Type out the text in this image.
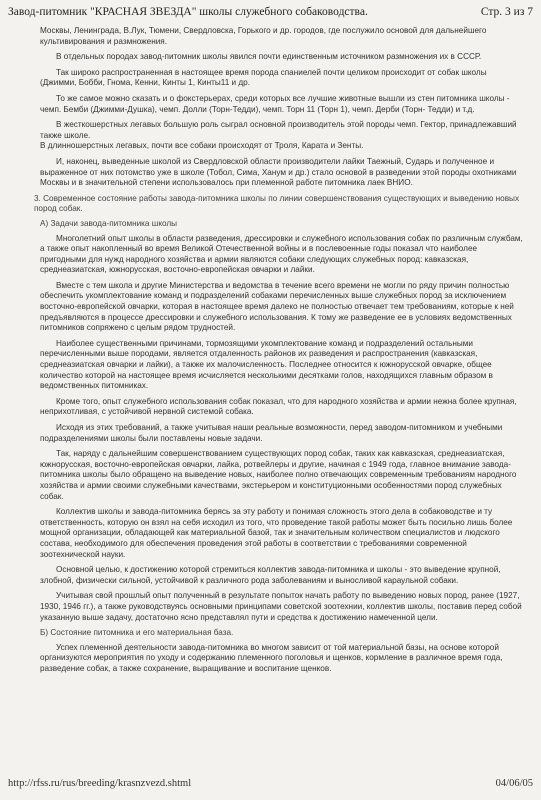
Завод-питомник "КРАСНАЯ ЗВЕЗДА" школы служебного собаководства.	Стр. 3 из 7

Москвы, Ленинграда, В.Лук, Тюмени, Свердловска, Горького и др. городов, где послужило основой для дальнейшего культивирования и размножения.

В отдельных породах завод-питомник школы явился почти единственным источником размножения их в СССР.

Так широко распространенная в настоящее время порода спаниелей почти целиком происходит от собак школы (Джимми, Бобби, Гнома, Кенни, Кинты 1, Кинты11 и др.

То же самое можно сказать и о фокстерьерах, среди которых все лучшие животные вышли из стен питомника школы - чемп. Бемби (Джимми-Душка), чемп. Долли (Торн-Тедди), чемп. Торн 11 (Торн 1), чемп. Дерби (Торн- Тедди) и т.д.

В жесткошерстных легавых большую роль сыграл основной производитель этой породы чемп. Гектор, принадлежавший также школе.
В длинношерстных легавых, почти все собаки происходят от Троля, Карата и Зенты.

И, наконец, выведенные школой из Свердловской области производители лайки Таежный, Сударь и полученное и выраженное от них потомство уже в школе (Тобол, Сима, Ханум и др.) стало основой в разведении этой породы охотниками Москвы и в значительной степени использовалось при племенной работе питомника лаек ВНИО.

3. Современное состояние работы завода-питомника школы по линии совершенствования существующих и выведению новых пород собак.

А) Задачи завода-питомника школы

Многолетний опыт школы в области разведения, дрессировки и служебного использования собак по различным службам, а также опыт накопленный во время Великой Отечественной войны и в послевоенные годы показал что наиболее пригодными для нужд народного хозяйства и армии являются собаки следующих служебных пород: кавказская, среднеазиатская, южнорусская, восточно-европейская овчарки и лайки.

Вместе с тем школа и другие Министерства и ведомства в течение всего времени не могли по ряду причин полностью обеспечить укомплектование команд и подразделений собаками перечисленных выше служебных пород за исключением восточно-европейской овчарки, которая в настоящее время далеко не полностью отвечает тем требованиям, которые к ней предъявляются в процессе дрессировки и служебного использования. К тому же разведение ее в условиях ведомственных питомников сопряжено с целым рядом трудностей.

Наиболее существенными причинами, тормозящими укомплектование команд и подразделений остальными перечисленными выше породами, является отдаленность районов их разведения и распространения (кавказская, среднеазиатская овчарки и лайки), а также их малочисленность. Последнее относится к южнорусской овчарке, общее количество которой на настоящее время исчисляется несколькими десятками голов, находящихся главным образом в ведомственных питомниках.

Кроме того, опыт служебного использования собак показал, что для народного хозяйства и армии нежна более крупная, неприхотливая, с устойчивой нервной системой собака.

Исходя из этих требований, а также учитывая наши реальные возможности, перед заводом-питомником и учебными подразделениями школы были поставлены новые задачи.

Так, наряду с дальнейшим совершенствованием существующих пород собак, таких как кавказская, среднеазиатская, южнорусская, восточно-европейская овчарки, лайка, ротвейлеры и другие, начиная с 1949 года, главное внимание завода-питомника школы было обращено на выведение новых, наиболее полно отвечающих современным требованиям народного хозяйства и армии своими служебными качествами, экстерьером и конституционными особенностями пород служебных собак.

Коллектив школы и завода-питомника берясь за эту работу и понимая сложность этого дела в собаководстве и ту ответственность, которую он взял на себя исходил из того, что проведение такой работы может быть посильно лишь более мощной организации, обладающей как материальной базой, так и значительным количеством специалистов и людского состава, необходимого для обеспечения проведения этой работы в соответствии с требованиями современной зоотехнической науки.

Основной целью, к достижению которой стремиться коллектив завода-питомника и школы - это выведение крупной, злобной, физически сильной, устойчивой к различного рода заболеваниям и выносливой караульной собаки.

Учитывая свой прошлый опыт полученный в результате попыток начать работу по выведению новых пород, ранее (1927, 1930, 1946 гг.), а также руководствуясь основными принципами советской зоотехнии, коллектив школы, поставив перед собой указанную выше задачу, достаточно ясно представлял пути и средства к достижению намеченной цели.

Б) Состояние питомника и его материальная база.

Успех племенной деятельности завода-питомника во многом зависит от той материальной базы, на основе которой организуются мероприятия по уходу и содержанию племенного поголовья и щенков, кормление в различное время года, разведение собак, а также сохранение, выращивание и воспитание щенков.

http://rfss.ru/rus/breeding/krasnzvezd.shtml	04/06/05
